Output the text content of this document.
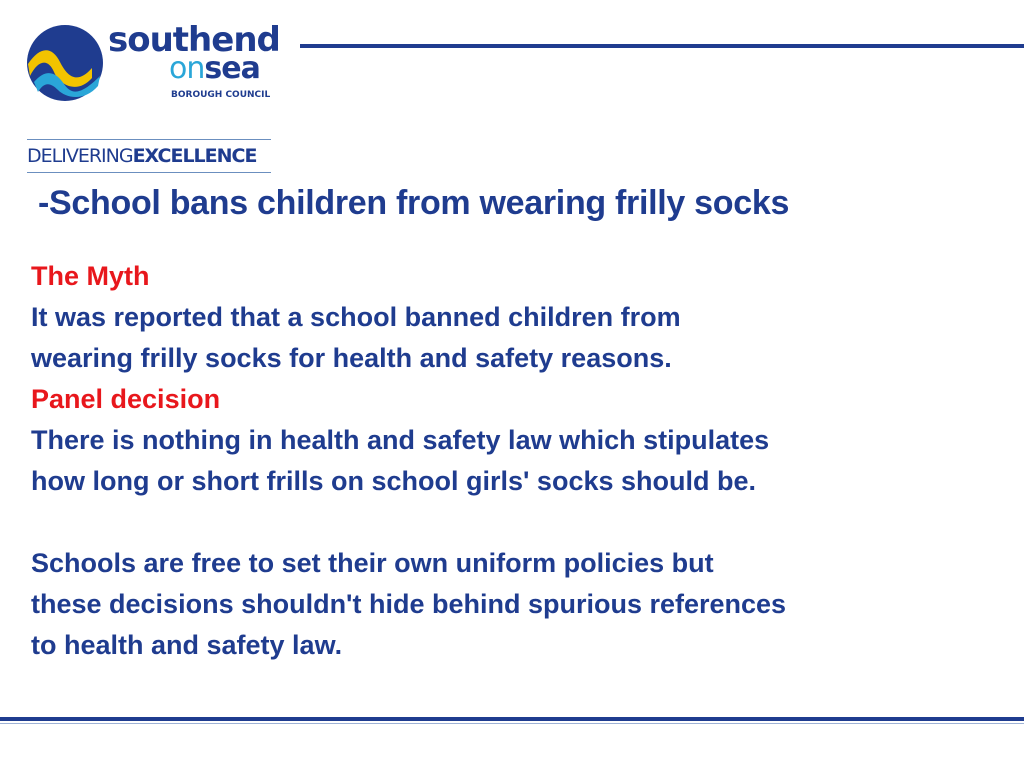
southend
onsea
BOROUGH COUNCIL
DELIVERINGEXCELLENCE
-School bans children from wearing frilly socks

The Myth

It was reported that a school banned children from

wearing frilly socks for health and safety reasons.

Panel decision

There is nothing in health and safety law which stipulates

how long or short frills on school girls' socks should be.

Schools are free to set their own uniform policies but

these decisions shouldn't hide behind spurious references

to health and safety law.
